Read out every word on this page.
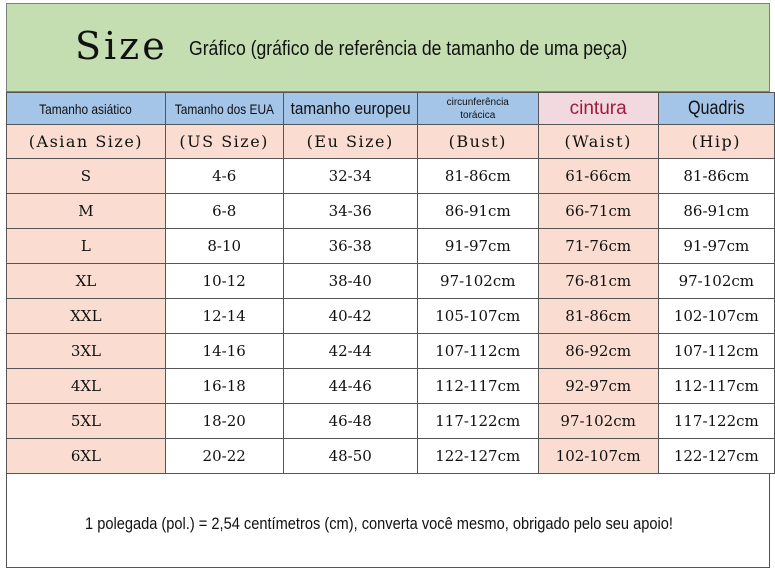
Size Gráfico (gráfico de referência de tamanho de uma peça)
Tamanho asiático	Tamanho dos EUA	tamanho europeu	circunferência torácica	cintura	Quadris
(Asian Size)	(US Size)	(Eu Size)	(Bust)	(Waist)	(Hip)
S	4-6	32-34	81-86cm	61-66cm	81-86cm
M	6-8	34-36	86-91cm	66-71cm	86-91cm
L	8-10	36-38	91-97cm	71-76cm	91-97cm
XL	10-12	38-40	97-102cm	76-81cm	97-102cm
XXL	12-14	40-42	105-107cm	81-86cm	102-107cm
3XL	14-16	42-44	107-112cm	86-92cm	107-112cm
4XL	16-18	44-46	112-117cm	92-97cm	112-117cm
5XL	18-20	46-48	117-122cm	97-102cm	117-122cm
6XL	20-22	48-50	122-127cm	102-107cm	122-127cm
1 polegada (pol.) = 2,54 centímetros (cm), converta você mesmo, obrigado pelo seu apoio!
